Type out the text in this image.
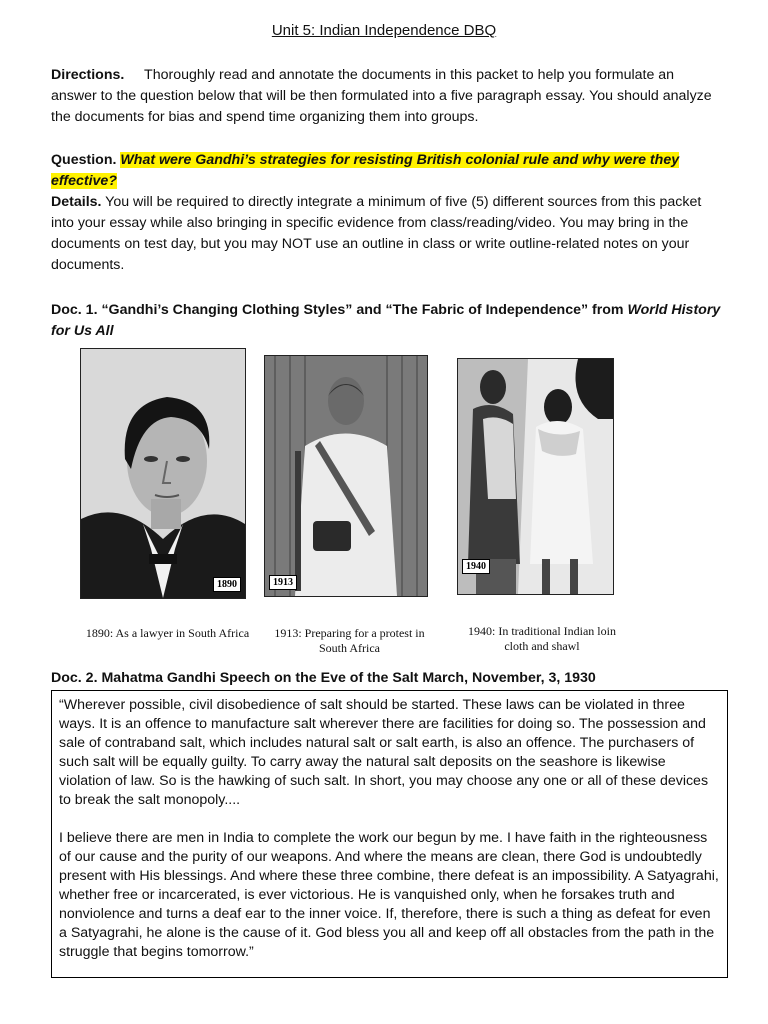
Unit 5: Indian Independence DBQ
Directions. Thoroughly read and annotate the documents in this packet to help you formulate an answer to the question below that will be then formulated into a five paragraph essay. You should analyze the documents for bias and spend time organizing them into groups.
Question. What were Gandhi’s strategies for resisting British colonial rule and why were they effective?
Details. You will be required to directly integrate a minimum of five (5) different sources from this packet into your essay while also bringing in specific evidence from class/reading/video. You may bring in the documents on test day, but you may NOT use an outline in class or write outline-related notes on your documents.
Doc. 1. “Gandhi’s Changing Clothing Styles” and “The Fabric of Independence” from World History for Us All
1890
1890: As a lawyer in South Africa
1913
1913: Preparing for a protest in South Africa
1940
1940: In traditional Indian loin cloth and shawl
Doc. 2. Mahatma Gandhi Speech on the Eve of the Salt March, November, 3, 1930

“Wherever possible, civil disobedience of salt should be started. These laws can be violated in three ways. It is an offence to manufacture salt wherever there are facilities for doing so. The possession and sale of contraband salt, which includes natural salt or salt earth, is also an offence. The purchasers of such salt will be equally guilty. To carry away the natural salt deposits on the seashore is likewise violation of law. So is the hawking of such salt. In short, you may choose any one or all of these devices to break the salt monopoly....

I believe there are men in India to complete the work our begun by me. I have faith in the righteousness of our cause and the purity of our weapons. And where the means are clean, there God is undoubtedly present with His blessings. And where these three combine, there defeat is an impossibility. A Satyagrahi, whether free or incarcerated, is ever victorious. He is vanquished only, when he forsakes truth and nonviolence and turns a deaf ear to the inner voice. If, therefore, there is such a thing as defeat for even a Satyagrahi, he alone is the cause of it. God bless you all and keep off all obstacles from the path in the struggle that begins tomorrow.”
